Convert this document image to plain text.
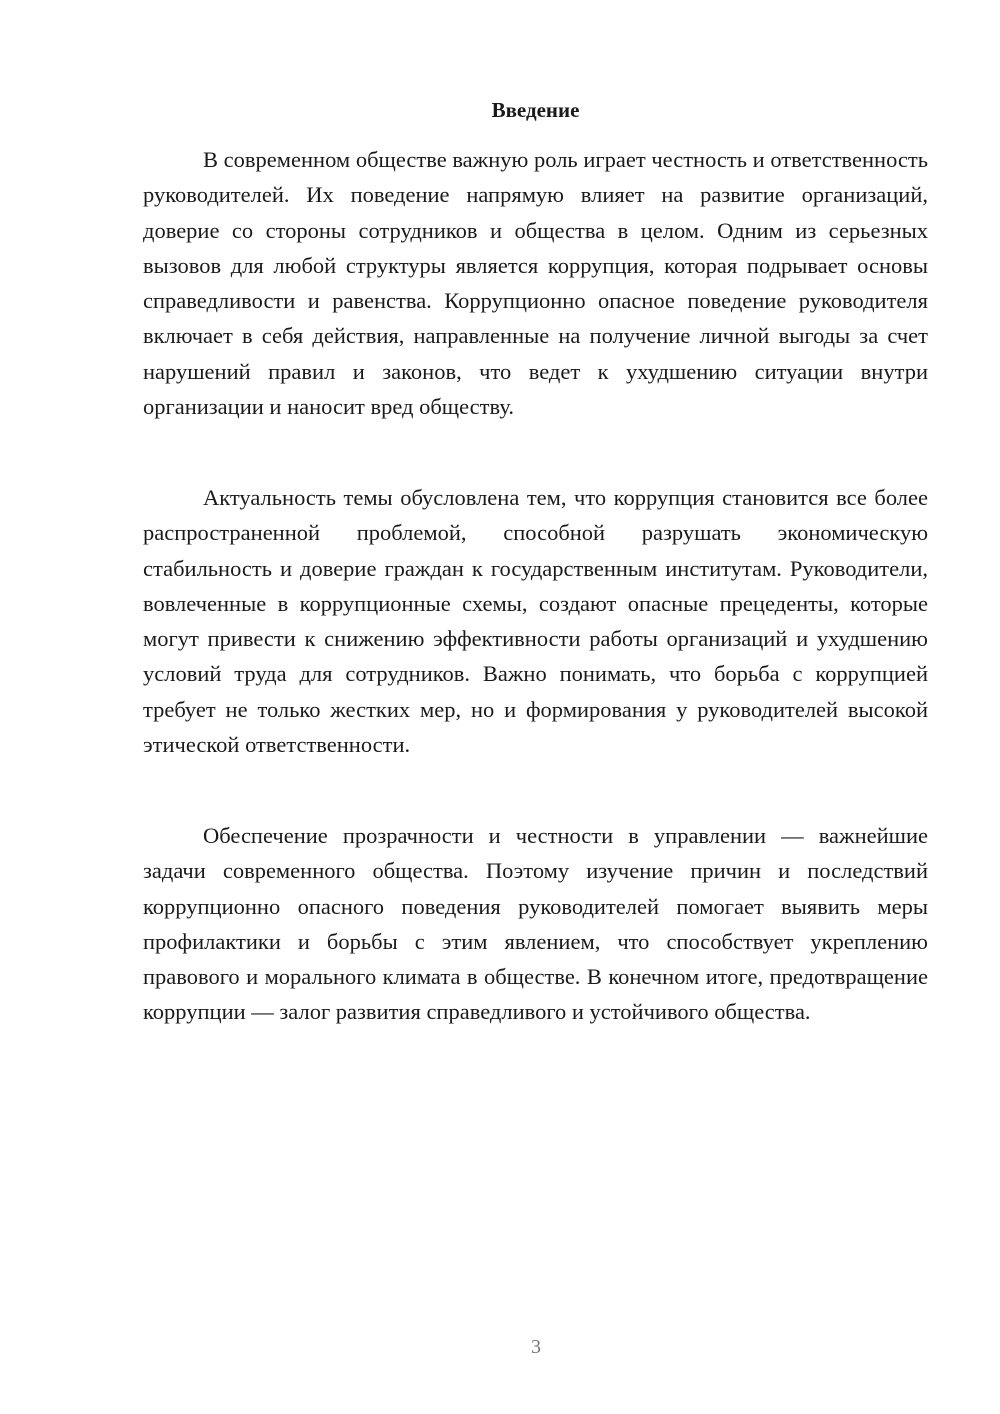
Введение

В современном обществе важную роль играет честность и ответственность руководителей. Их поведение напрямую влияет на развитие организаций, доверие со стороны сотрудников и общества в целом. Одним из серьезных вызовов для любой структуры является коррупция, которая подрывает основы справедливости и равенства. Коррупционно опасное поведение руководителя включает в себя действия, направленные на получение личной выгоды за счет нарушений правил и законов, что ведет к ухудшению ситуации внутри организации и наносит вред обществу.

Актуальность темы обусловлена тем, что коррупция становится все более распространенной проблемой, способной разрушать экономическую стабильность и доверие граждан к государственным институтам. Руководители, вовлеченные в коррупционные схемы, создают опасные прецеденты, которые могут привести к снижению эффективности работы организаций и ухудшению условий труда для сотрудников. Важно понимать, что борьба с коррупцией требует не только жестких мер, но и формирования у руководителей высокой этической ответственности.

Обеспечение прозрачности и честности в управлении — важнейшие задачи современного общества. Поэтому изучение причин и последствий коррупционно опасного поведения руководителей помогает выявить меры профилактики и борьбы с этим явлением, что способствует укреплению правового и морального климата в обществе. В конечном итоге, предотвращение коррупции — залог развития справедливого и устойчивого общества.

3
